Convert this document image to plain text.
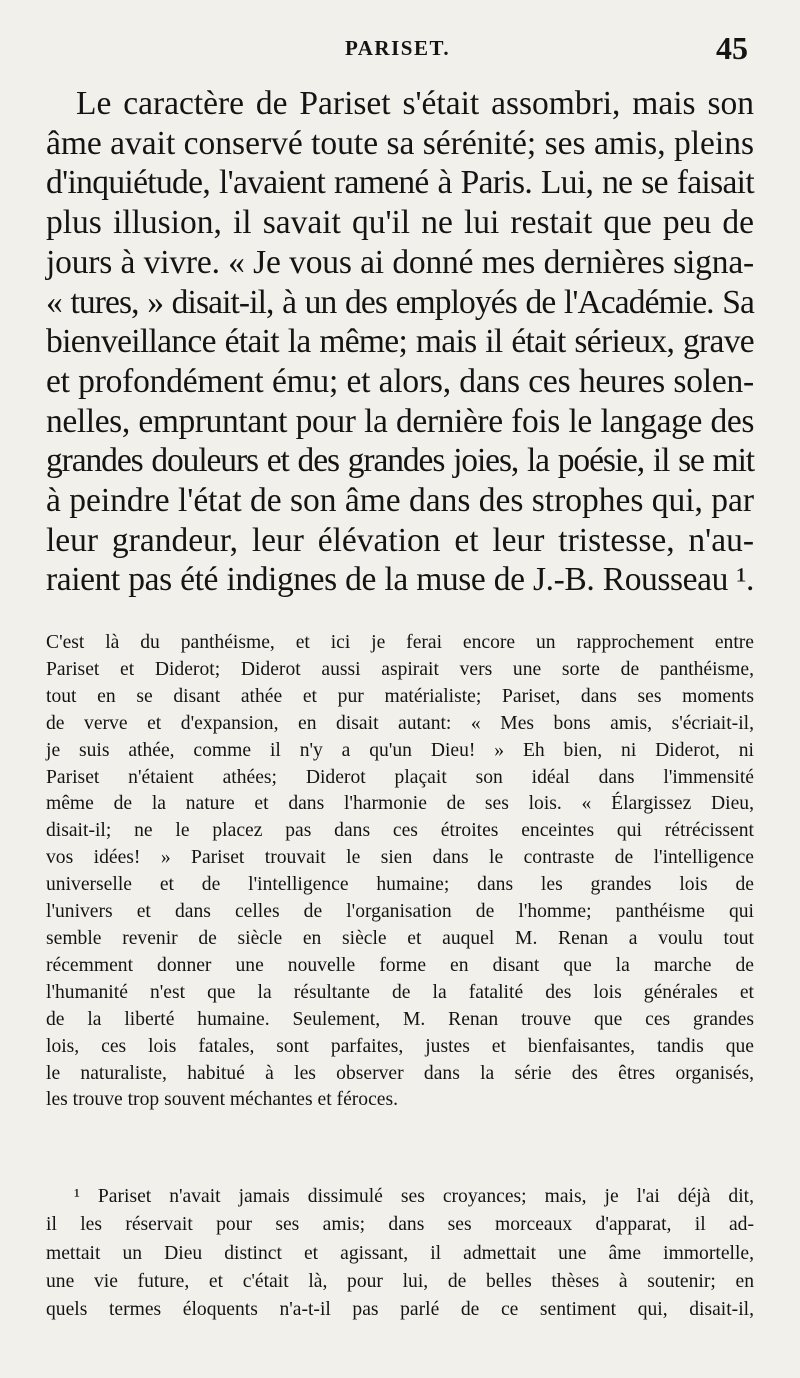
PARISET.	45

Le caractère de Pariset s'était assombri, mais son
âme avait conservé toute sa sérénité; ses amis, pleins
d'inquiétude, l'avaient ramené à Paris. Lui, ne se faisait
plus illusion, il savait qu'il ne lui restait que peu de
jours à vivre. « Je vous ai donné mes dernières signa-
« tures, » disait-il, à un des employés de l'Académie. Sa
bienveillance était la même; mais il était sérieux, grave
et profondément ému; et alors, dans ces heures solen-
nelles, empruntant pour la dernière fois le langage des
grandes douleurs et des grandes joies, la poésie, il se mit
à peindre l'état de son âme dans des strophes qui, par
leur grandeur, leur élévation et leur tristesse, n'au-
raient pas été indignes de la muse de J.-B. Rousseau ¹.

C'est là du panthéisme, et ici je ferai encore un rapprochement entre
Pariset et Diderot; Diderot aussi aspirait vers une sorte de panthéisme,
tout en se disant athée et pur matérialiste; Pariset, dans ses moments
de verve et d'expansion, en disait autant: « Mes bons amis, s'écriait-il,
je suis athée, comme il n'y a qu'un Dieu! » Eh bien, ni Diderot, ni
Pariset n'étaient athées; Diderot plaçait son idéal dans l'immensité
même de la nature et dans l'harmonie de ses lois. « Élargissez Dieu,
disait-il; ne le placez pas dans ces étroites enceintes qui rétrécissent
vos idées! » Pariset trouvait le sien dans le contraste de l'intelligence
universelle et de l'intelligence humaine; dans les grandes lois de
l'univers et dans celles de l'organisation de l'homme; panthéisme qui
semble revenir de siècle en siècle et auquel M. Renan a voulu tout
récemment donner une nouvelle forme en disant que la marche de
l'humanité n'est que la résultante de la fatalité des lois générales et
de la liberté humaine. Seulement, M. Renan trouve que ces grandes
lois, ces lois fatales, sont parfaites, justes et bienfaisantes, tandis que
le naturaliste, habitué à les observer dans la série des êtres organisés,
les trouve trop souvent méchantes et féroces.

¹ Pariset n'avait jamais dissimulé ses croyances; mais, je l'ai déjà dit,
il les réservait pour ses amis; dans ses morceaux d'apparat, il ad-
mettait un Dieu distinct et agissant, il admettait une âme immortelle,
une vie future, et c'était là, pour lui, de belles thèses à soutenir; en
quels termes éloquents n'a-t-il pas parlé de ce sentiment qui, disait-il,
